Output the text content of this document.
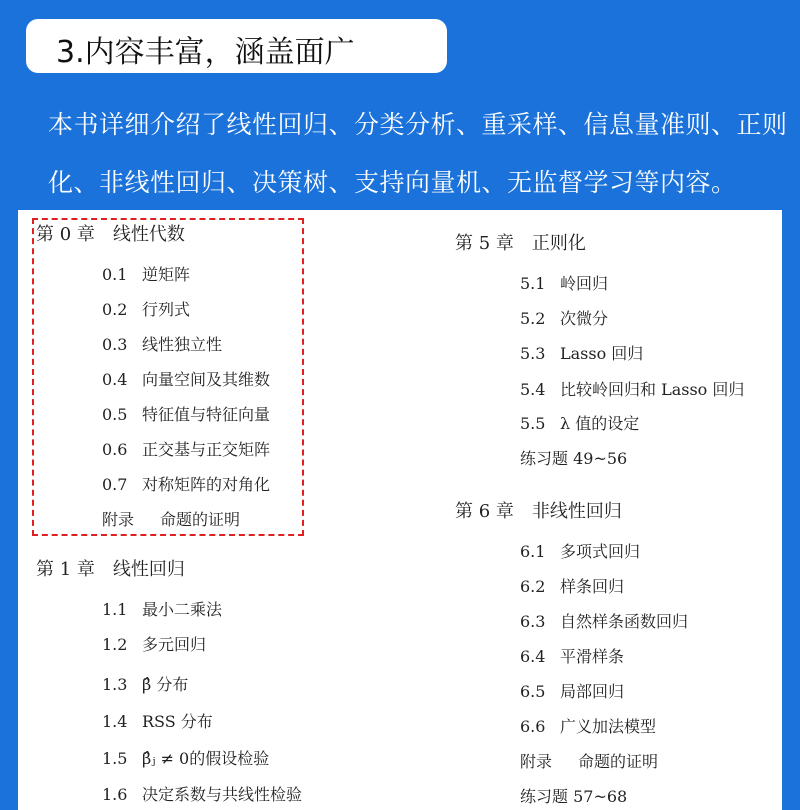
3.内容丰富，涵盖面广
本书详细介绍了线性回归、分类分析、重采样、信息量准则、正则化、非线性回归、决策树、支持向量机、无监督学习等内容。
第 0 章 线性代数
0.1 逆矩阵
0.2 行列式
0.3 线性独立性
0.4 向量空间及其维数
0.5 特征值与特征向量
0.6 正交基与正交矩阵
0.7 对称矩阵的对角化
附录 命题的证明
第 1 章 线性回归
1.1 最小二乘法
1.2 多元回归
1.3 β̂ 分布
1.4 RSS 分布
1.5 β̂ⱼ ≠ 0的假设检验
1.6 决定系数与共线性检验
第 5 章 正则化
5.1 岭回归
5.2 次微分
5.3 Lasso 回归
5.4 比较岭回归和 Lasso 回归
5.5 λ 值的设定
练习题 49~56
第 6 章 非线性回归
6.1 多项式回归
6.2 样条回归
6.3 自然样条函数回归
6.4 平滑样条
6.5 局部回归
6.6 广义加法模型
附录 命题的证明
练习题 57~68
